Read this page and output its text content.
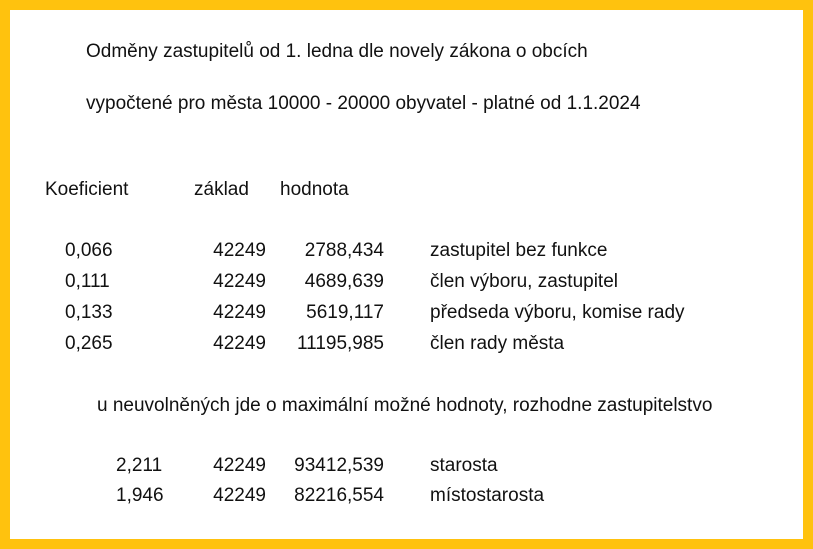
Odměny zastupitelů od 1. ledna dle novely zákona o obcích
vypočtené pro města 10000 - 20000 obyvatel - platné od 1.1.2024
Koeficient	základ hodnota
0,066	42249	2788,434 zastupitel bez funkce
0,111	42249	4689,639 člen výboru, zastupitel
0,133	42249	5619,117 předseda výboru, komise rady
0,265	42249	11195,985 člen rady města
u neuvolněných jde o maximální možné hodnoty, rozhodne zastupitelstvo
2,211	42249	93412,539 starosta
1,946	42249	82216,554 místostarosta
